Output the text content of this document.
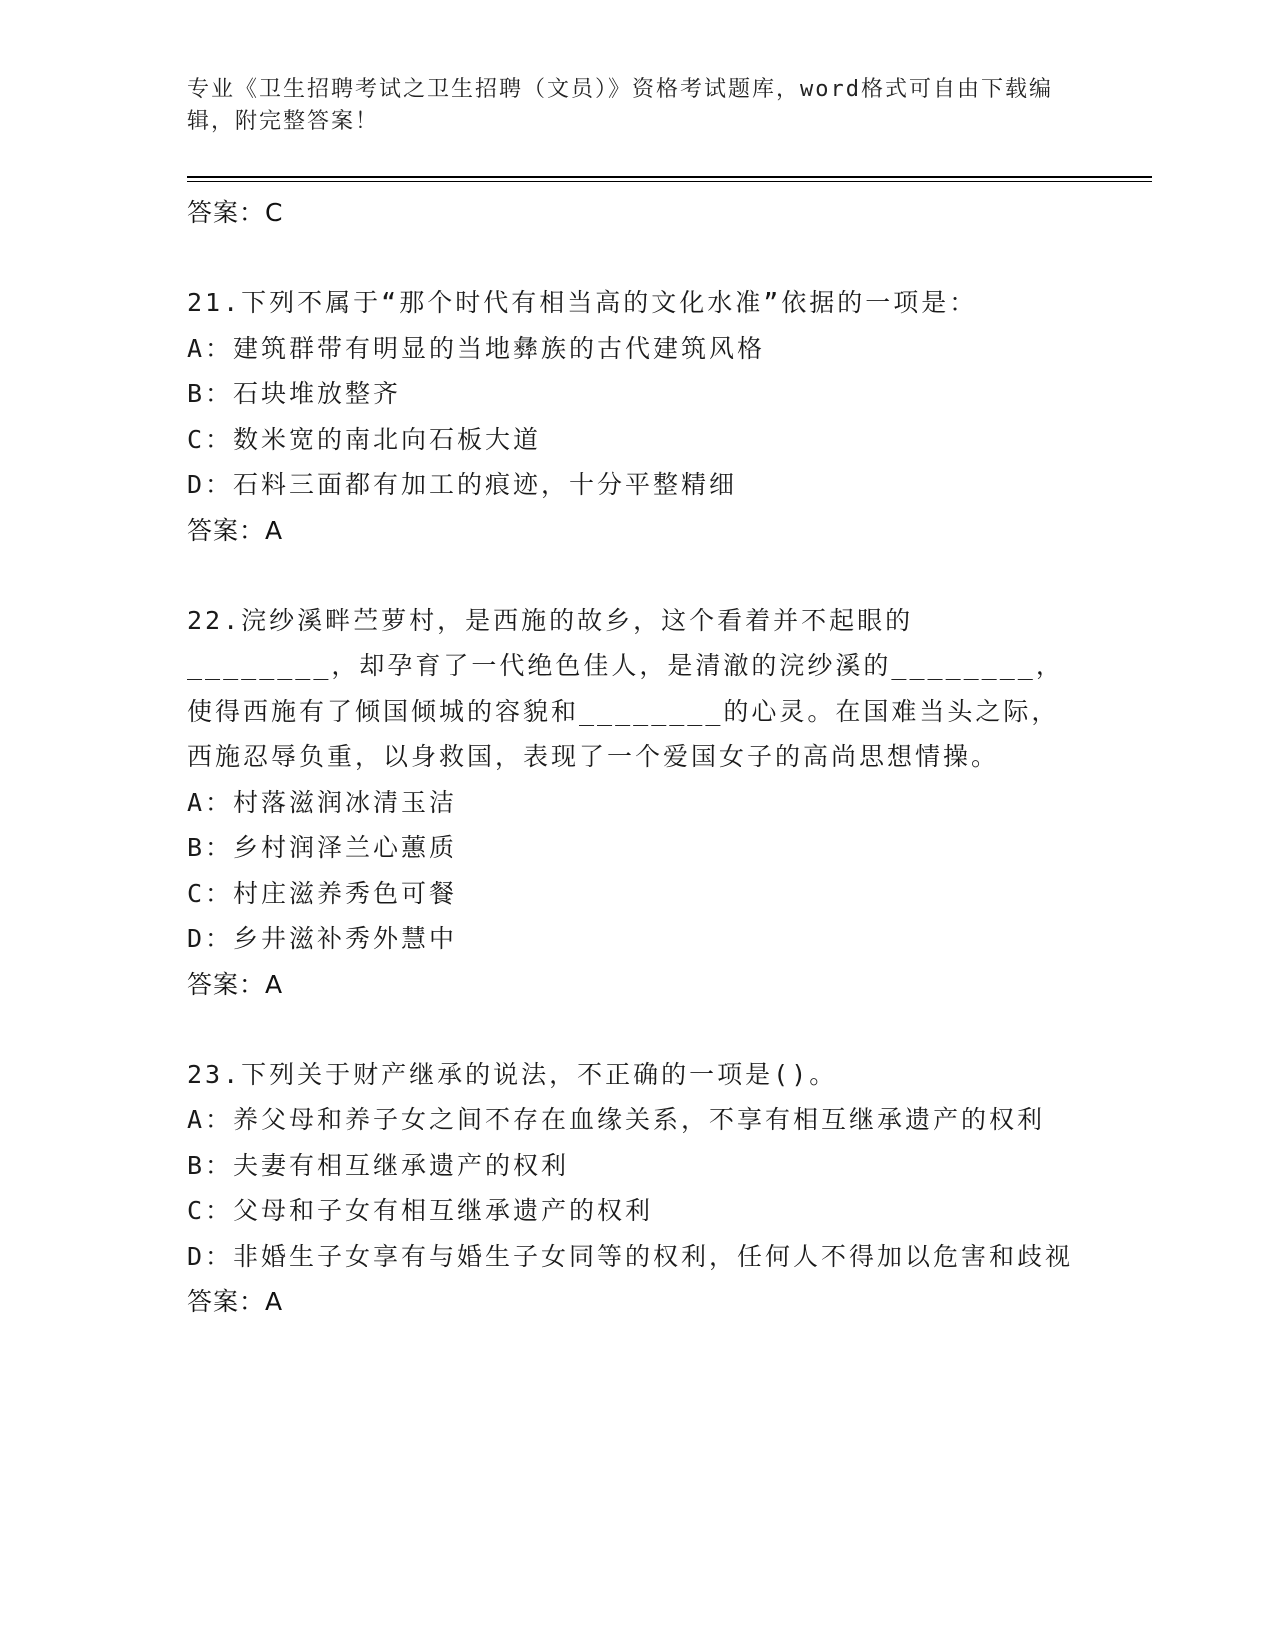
专业《卫生招聘考试之卫生招聘（文员）》资格考试题库，word格式可自由下载编辑，附完整答案！

答案：C

21.下列不属于“那个时代有相当高的文化水准”依据的一项是：

A：建筑群带有明显的当地彝族的古代建筑风格

B：石块堆放整齐

C：数米宽的南北向石板大道

D：石料三面都有加工的痕迹，十分平整精细

答案：A

22.浣纱溪畔苎萝村，是西施的故乡，这个看着并不起眼的________，却孕育了一代绝色佳人，是清澈的浣纱溪的________，使得西施有了倾国倾城的容貌和________的心灵。在国难当头之际，西施忍辱负重，以身救国，表现了一个爱国女子的高尚思想情操。

A：村落滋润冰清玉洁

B：乡村润泽兰心蕙质

C：村庄滋养秀色可餐

D：乡井滋补秀外慧中

答案：A

23.下列关于财产继承的说法，不正确的一项是()。

A：养父母和养子女之间不存在血缘关系，不享有相互继承遗产的权利

B：夫妻有相互继承遗产的权利

C：父母和子女有相互继承遗产的权利

D：非婚生子女享有与婚生子女同等的权利，任何人不得加以危害和歧视

答案：A
